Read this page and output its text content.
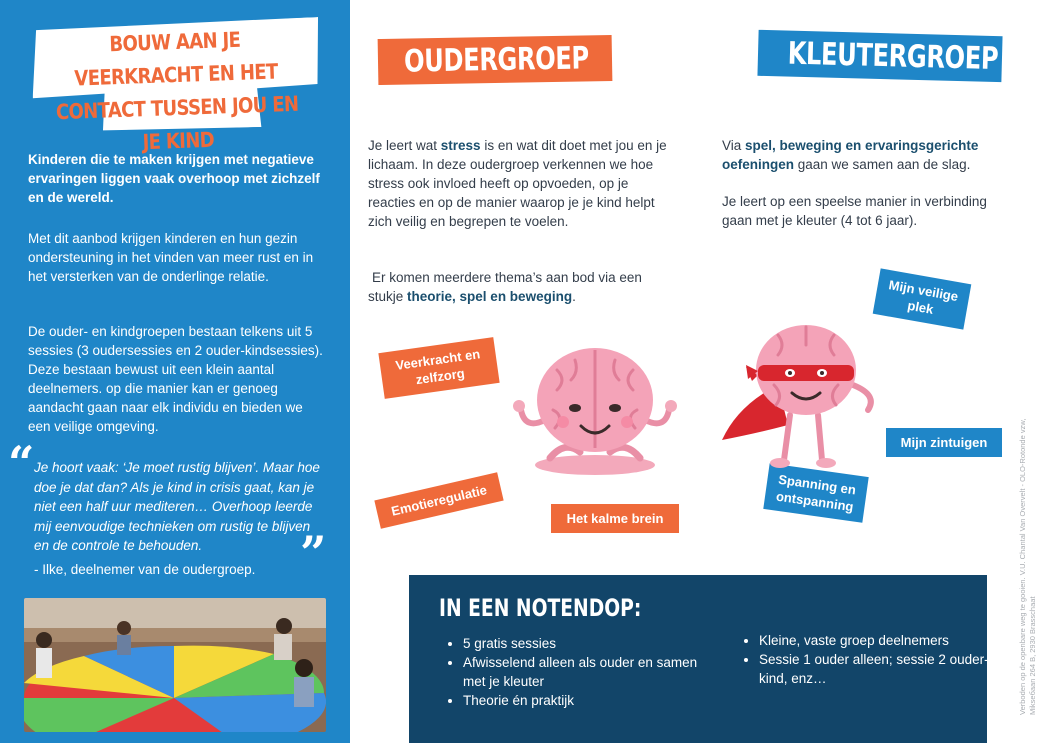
BOUW AAN JE VEERKRACHT EN HET CONTACT TUSSEN JOU EN JE KIND

Kinderen die te maken krijgen met negatieve ervaringen liggen vaak overhoop met zichzelf en de wereld.

Met dit aanbod krijgen kinderen en hun gezin ondersteuning in het vinden van meer rust en in het versterken van de onderlinge relatie.

De ouder- en kindgroepen bestaan telkens uit 5 sessies (3 oudersessies en 2 ouder-kindsessies). Deze bestaan bewust uit een klein aantal deelnemers. op die manier kan er genoeg aandacht gaan naar elk individu en bieden we een veilige omgeving.

“ Je hoort vaak: ‘Je moet rustig blijven’. Maar hoe doe je dat dan? Als je kind in crisis gaat, kan je niet een half uur mediteren… Overhoop leerde mij eenvoudige technieken om rustig te blijven en de controle te behouden.	”

- Ilke, deelnemer van de oudergroep.

OUDERGROEP

Je leert wat stress is en wat dit doet met jou en je lichaam. In deze oudergroep verkennen we hoe stress ook invloed heeft op opvoeden, op je reacties en op de manier waarop je je kind helpt zich veilig en begrepen te voelen.

Er komen meerdere thema’s aan bod via een stukje theorie, spel en beweging.

Veerkracht en zelfzorg
Emotieregulatie	Het kalme brein
KLEUTERGROEP

Via spel, beweging en ervaringsgerichte oefeningen gaan we samen aan de slag.

Je leert op een speelse manier in verbinding gaan met je kleuter (4 tot 6 jaar).

Mijn veilige plek
Mijn zintuigen
Spanning en ontspanning
IN EEN NOTENDOP:
• 5 gratis sessies
• Afwisselend alleen als ouder en samen met je kleuter
• Theorie én praktijk
• Kleine, vaste groep deelnemers
• Sessie 1 ouder alleen; sessie 2 ouder-kind, enz…	Verboden op de openbare weg te gooien. V.U. Chantal Van Overvelt - OLO-Rotonde vzw, Mikseбaan 264 B, 2930 Brasschaat
